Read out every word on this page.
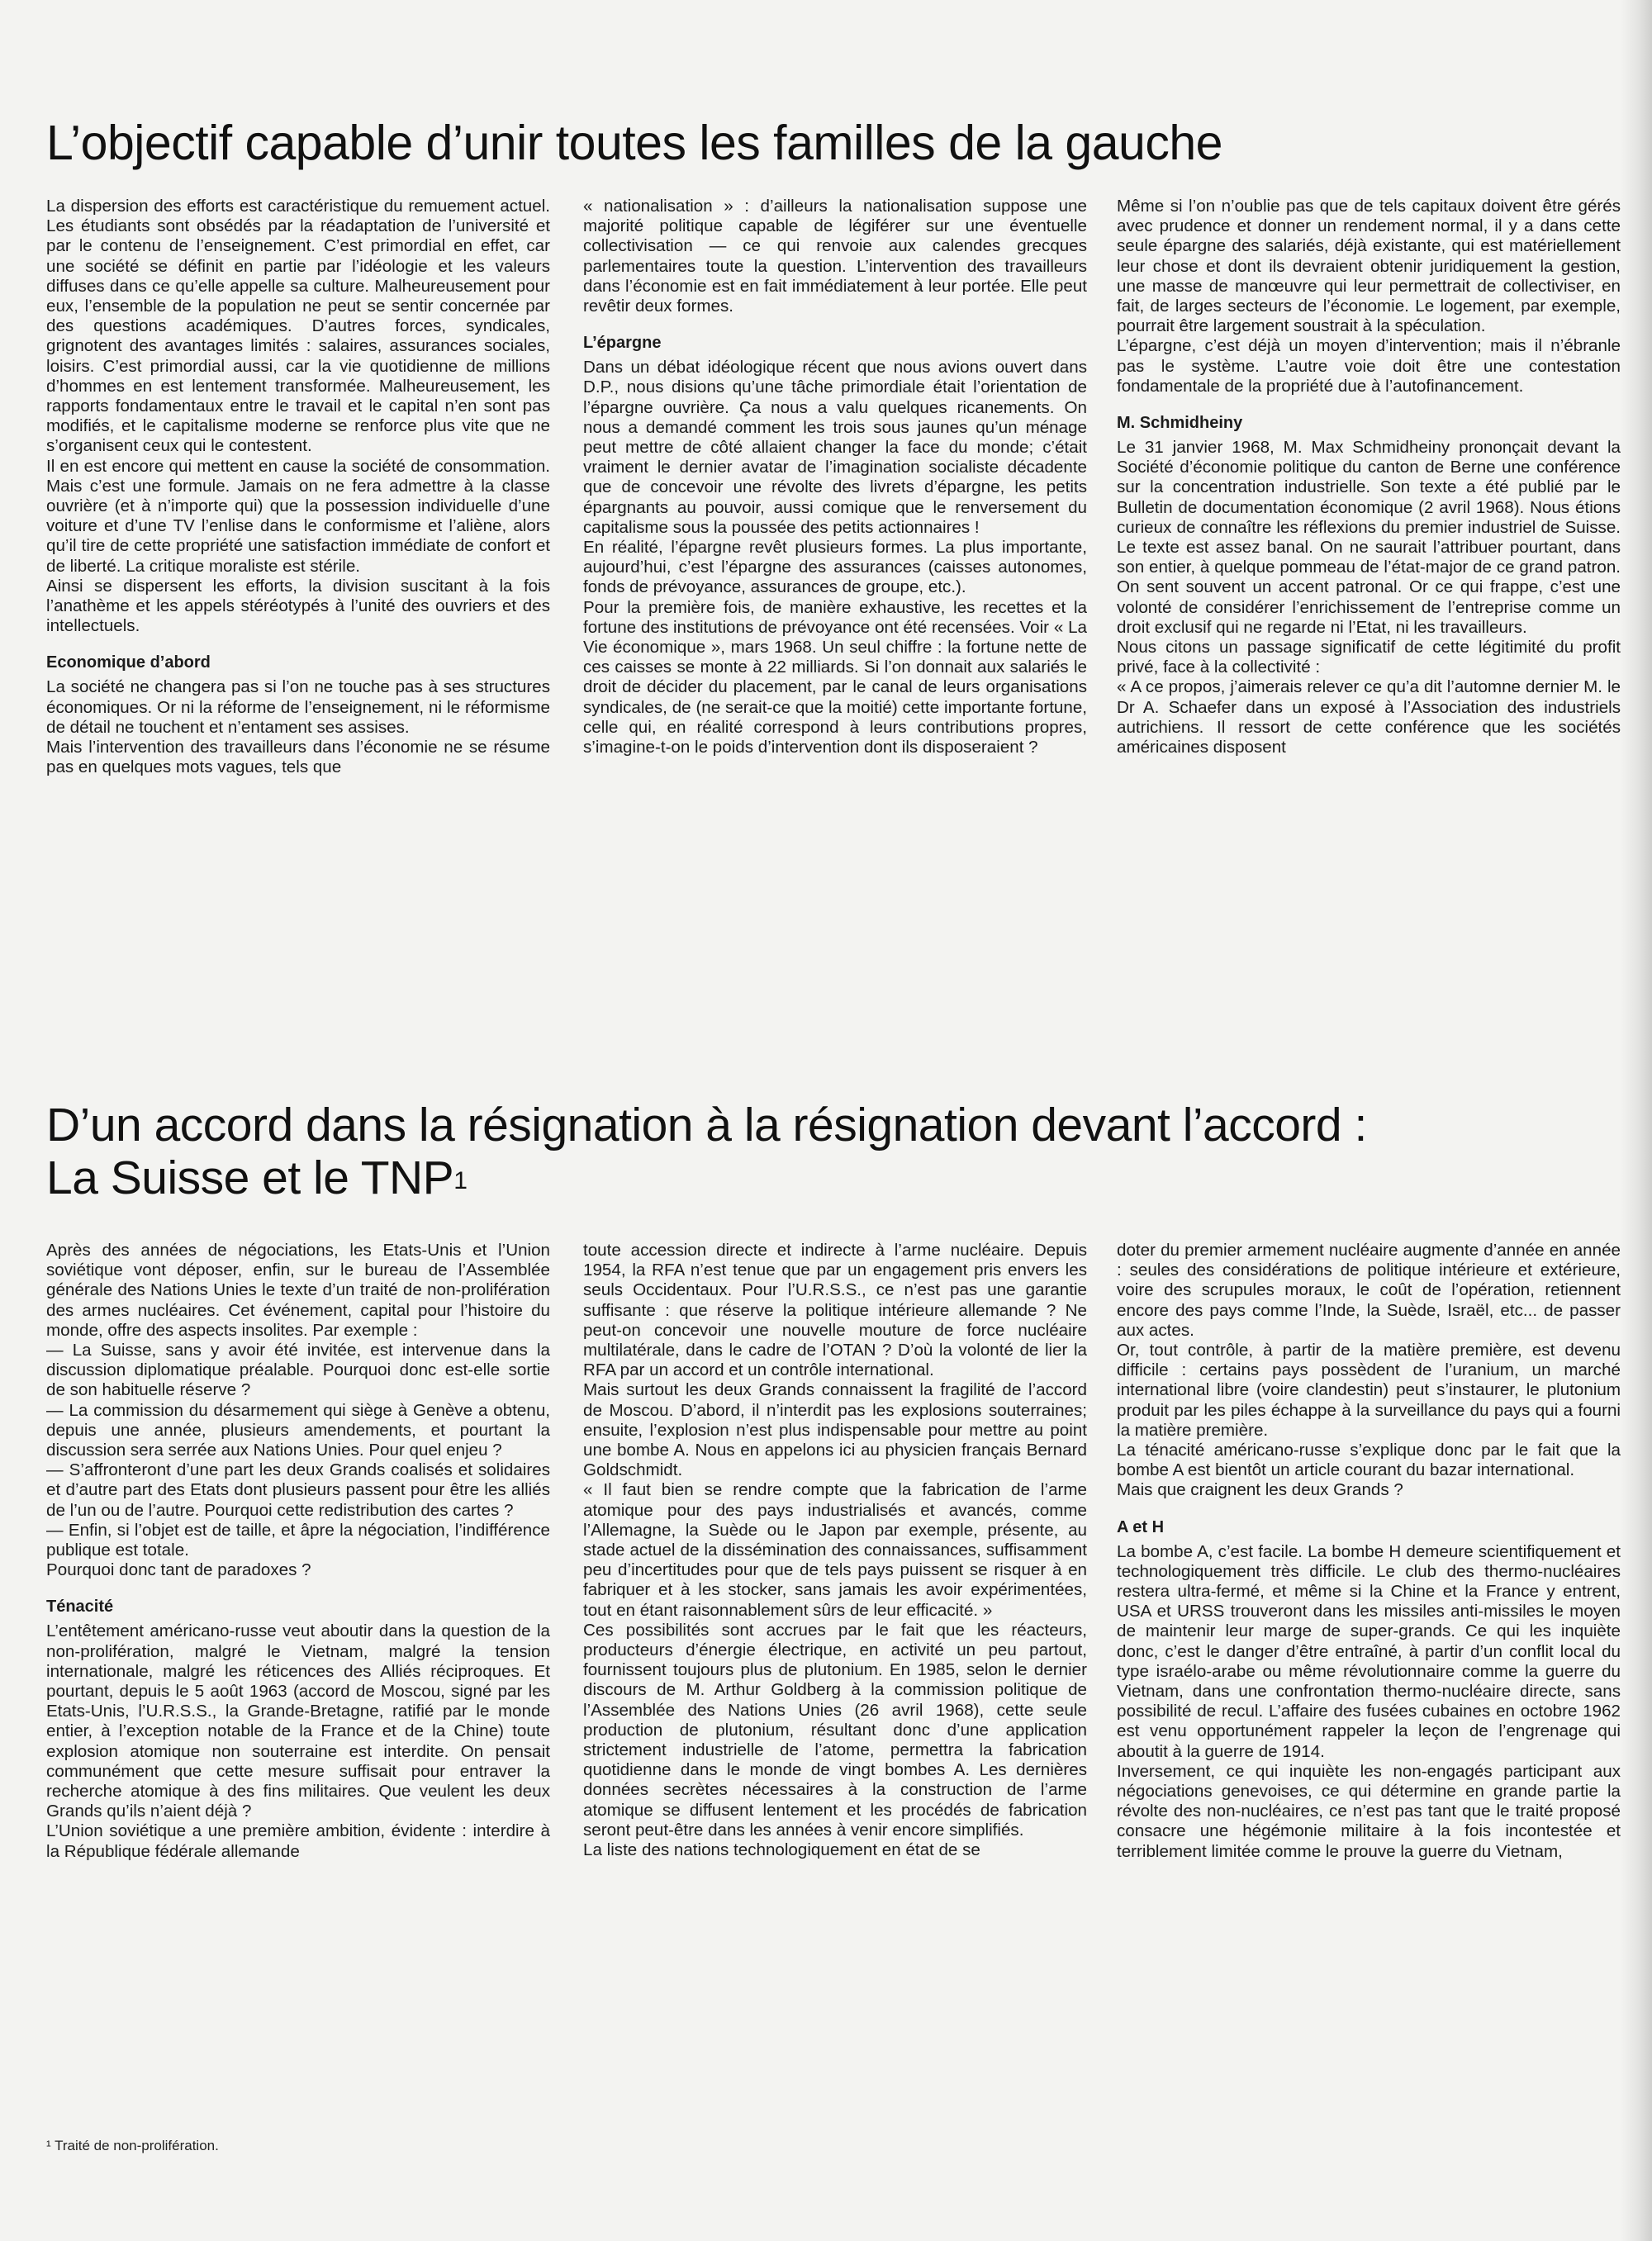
L’objectif capable d’unir toutes les familles de la gauche

La dispersion des efforts est caractéristique du remuement actuel. Les étudiants sont obsédés par la réadaptation de l’université et par le contenu de l’enseignement. C’est primordial en effet, car une société se définit en partie par l’idéologie et les valeurs diffuses dans ce qu’elle appelle sa culture. Malheureusement pour eux, l’ensemble de la population ne peut se sentir concernée par des questions académiques. D’autres forces, syndicales, grignotent des avantages limités : salaires, assurances sociales, loisirs. C’est primordial aussi, car la vie quotidienne de millions d’hommes en est lentement transformée. Malheureusement, les rapports fondamentaux entre le travail et le capital n’en sont pas modifiés, et le capitalisme moderne se renforce plus vite que ne s’organisent ceux qui le contestent.

Il en est encore qui mettent en cause la société de consommation. Mais c’est une formule. Jamais on ne fera admettre à la classe ouvrière (et à n’importe qui) que la possession individuelle d’une voiture et d’une TV l’enlise dans le conformisme et l’aliène, alors qu’il tire de cette propriété une satisfaction immédiate de confort et de liberté. La critique moraliste est stérile.

Ainsi se dispersent les efforts, la division suscitant à la fois l’anathème et les appels stéréotypés à l’unité des ouvriers et des intellectuels.

Economique d’abord

La société ne changera pas si l’on ne touche pas à ses structures économiques. Or ni la réforme de l’enseignement, ni le réformisme de détail ne touchent et n’entament ses assises.

Mais l’intervention des travailleurs dans l’économie ne se résume pas en quelques mots vagues, tels que

« nationalisation » : d’ailleurs la nationalisation suppose une majorité politique capable de légiférer sur une éventuelle collectivisation — ce qui renvoie aux calendes grecques parlementaires toute la question. L’intervention des travailleurs dans l’économie est en fait immédiatement à leur portée. Elle peut revêtir deux formes.

L’épargne

Dans un débat idéologique récent que nous avions ouvert dans D.P., nous disions qu’une tâche primordiale était l’orientation de l’épargne ouvrière. Ça nous a valu quelques ricanements. On nous a demandé comment les trois sous jaunes qu’un ménage peut mettre de côté allaient changer la face du monde; c’était vraiment le dernier avatar de l’imagination socialiste décadente que de concevoir une révolte des livrets d’épargne, les petits épargnants au pouvoir, aussi comique que le renversement du capitalisme sous la poussée des petits actionnaires !

En réalité, l’épargne revêt plusieurs formes. La plus importante, aujourd’hui, c’est l’épargne des assurances (caisses autonomes, fonds de prévoyance, assurances de groupe, etc.).

Pour la première fois, de manière exhaustive, les recettes et la fortune des institutions de prévoyance ont été recensées. Voir « La Vie économique », mars 1968. Un seul chiffre : la fortune nette de ces caisses se monte à 22 milliards. Si l’on donnait aux salariés le droit de décider du placement, par le canal de leurs organisations syndicales, de (ne serait-ce que la moitié) cette importante fortune, celle qui, en réalité correspond à leurs contributions propres, s’imagine-t-on le poids d’intervention dont ils disposeraient ?

Même si l’on n’oublie pas que de tels capitaux doivent être gérés avec prudence et donner un rendement normal, il y a dans cette seule épargne des salariés, déjà existante, qui est matériellement leur chose et dont ils devraient obtenir juridiquement la gestion, une masse de manœuvre qui leur permettrait de collectiviser, en fait, de larges secteurs de l’économie. Le logement, par exemple, pourrait être largement soustrait à la spéculation.

L’épargne, c’est déjà un moyen d’intervention; mais il n’ébranle pas le système. L’autre voie doit être une contestation fondamentale de la propriété due à l’autofinancement.

M. Schmidheiny

Le 31 janvier 1968, M. Max Schmidheiny prononçait devant la Société d’économie politique du canton de Berne une conférence sur la concentration industrielle. Son texte a été publié par le Bulletin de documentation économique (2 avril 1968). Nous étions curieux de connaître les réflexions du premier industriel de Suisse. Le texte est assez banal. On ne saurait l’attribuer pourtant, dans son entier, à quelque pommeau de l’état-major de ce grand patron. On sent souvent un accent patronal. Or ce qui frappe, c’est une volonté de considérer l’enrichissement de l’entreprise comme un droit exclusif qui ne regarde ni l’Etat, ni les travailleurs.

Nous citons un passage significatif de cette légitimité du profit privé, face à la collectivité :

« A ce propos, j’aimerais relever ce qu’a dit l’automne dernier M. le Dr A. Schaefer dans un exposé à l’Association des industriels autrichiens. Il ressort de cette conférence que les sociétés américaines disposent

D’un accord dans la résignation à la résignation devant l’accord :
La Suisse et le TNP$^1$

Après des années de négociations, les Etats-Unis et l’Union soviétique vont déposer, enfin, sur le bureau de l’Assemblée générale des Nations Unies le texte d’un traité de non-prolifération des armes nucléaires. Cet événement, capital pour l’histoire du monde, offre des aspects insolites. Par exemple :

— La Suisse, sans y avoir été invitée, est intervenue dans la discussion diplomatique préalable. Pourquoi donc est-elle sortie de son habituelle réserve ?

— La commission du désarmement qui siège à Genève a obtenu, depuis une année, plusieurs amendements, et pourtant la discussion sera serrée aux Nations Unies. Pour quel enjeu ?

— S’affronteront d’une part les deux Grands coalisés et solidaires et d’autre part des Etats dont plusieurs passent pour être les alliés de l’un ou de l’autre. Pourquoi cette redistribution des cartes ?

— Enfin, si l’objet est de taille, et âpre la négociation, l’indifférence publique est totale.

Pourquoi donc tant de paradoxes ?

Ténacité

L’entêtement américano-russe veut aboutir dans la question de la non-prolifération, malgré le Vietnam, malgré la tension internationale, malgré les réticences des Alliés réciproques. Et pourtant, depuis le 5 août 1963 (accord de Moscou, signé par les Etats-Unis, l’U.R.S.S., la Grande-Bretagne, ratifié par le monde entier, à l’exception notable de la France et de la Chine) toute explosion atomique non souterraine est interdite. On pensait communément que cette mesure suffisait pour entraver la recherche atomique à des fins militaires. Que veulent les deux Grands qu’ils n’aient déjà ?

L’Union soviétique a une première ambition, évidente : interdire à la République fédérale allemande

toute accession directe et indirecte à l’arme nucléaire. Depuis 1954, la RFA n’est tenue que par un engagement pris envers les seuls Occidentaux. Pour l’U.R.S.S., ce n’est pas une garantie suffisante : que réserve la politique intérieure allemande ? Ne peut-on concevoir une nouvelle mouture de force nucléaire multilatérale, dans le cadre de l’OTAN ? D’où la volonté de lier la RFA par un accord et un contrôle international.

Mais surtout les deux Grands connaissent la fragilité de l’accord de Moscou. D’abord, il n’interdit pas les explosions souterraines; ensuite, l’explosion n’est plus indispensable pour mettre au point une bombe A. Nous en appelons ici au physicien français Bernard Goldschmidt.

« Il faut bien se rendre compte que la fabrication de l’arme atomique pour des pays industrialisés et avancés, comme l’Allemagne, la Suède ou le Japon par exemple, présente, au stade actuel de la dissémination des connaissances, suffisamment peu d’incertitudes pour que de tels pays puissent se risquer à en fabriquer et à les stocker, sans jamais les avoir expérimentées, tout en étant raisonnablement sûrs de leur efficacité. »

Ces possibilités sont accrues par le fait que les réacteurs, producteurs d’énergie électrique, en activité un peu partout, fournissent toujours plus de plutonium. En 1985, selon le dernier discours de M. Arthur Goldberg à la commission politique de l’Assemblée des Nations Unies (26 avril 1968), cette seule production de plutonium, résultant donc d’une application strictement industrielle de l’atome, permettra la fabrication quotidienne dans le monde de vingt bombes A. Les dernières données secrètes nécessaires à la construction de l’arme atomique se diffusent lentement et les procédés de fabrication seront peut-être dans les années à venir encore simplifiés.

La liste des nations technologiquement en état de se

doter du premier armement nucléaire augmente d’année en année : seules des considérations de politique intérieure et extérieure, voire des scrupules moraux, le coût de l’opération, retiennent encore des pays comme l’Inde, la Suède, Israël, etc... de passer aux actes.

Or, tout contrôle, à partir de la matière première, est devenu difficile : certains pays possèdent de l’uranium, un marché international libre (voire clandestin) peut s’instaurer, le plutonium produit par les piles échappe à la surveillance du pays qui a fourni la matière première.

La ténacité américano-russe s’explique donc par le fait que la bombe A est bientôt un article courant du bazar international.

Mais que craignent les deux Grands ?

A et H

La bombe A, c’est facile. La bombe H demeure scientifiquement et technologiquement très difficile. Le club des thermo-nucléaires restera ultra-fermé, et même si la Chine et la France y entrent, USA et URSS trouveront dans les missiles anti-missiles le moyen de maintenir leur marge de super-grands. Ce qui les inquiète donc, c’est le danger d’être entraîné, à partir d’un conflit local du type israélo-arabe ou même révolutionnaire comme la guerre du Vietnam, dans une confrontation thermo-nucléaire directe, sans possibilité de recul. L’affaire des fusées cubaines en octobre 1962 est venu opportunément rappeler la leçon de l’engrenage qui aboutit à la guerre de 1914.

Inversement, ce qui inquiète les non-engagés participant aux négociations genevoises, ce qui détermine en grande partie la révolte des non-nucléaires, ce n’est pas tant que le traité proposé consacre une hégémonie militaire à la fois incontestée et terriblement limitée comme le prouve la guerre du Vietnam,

¹ Traité de non-prolifération.
